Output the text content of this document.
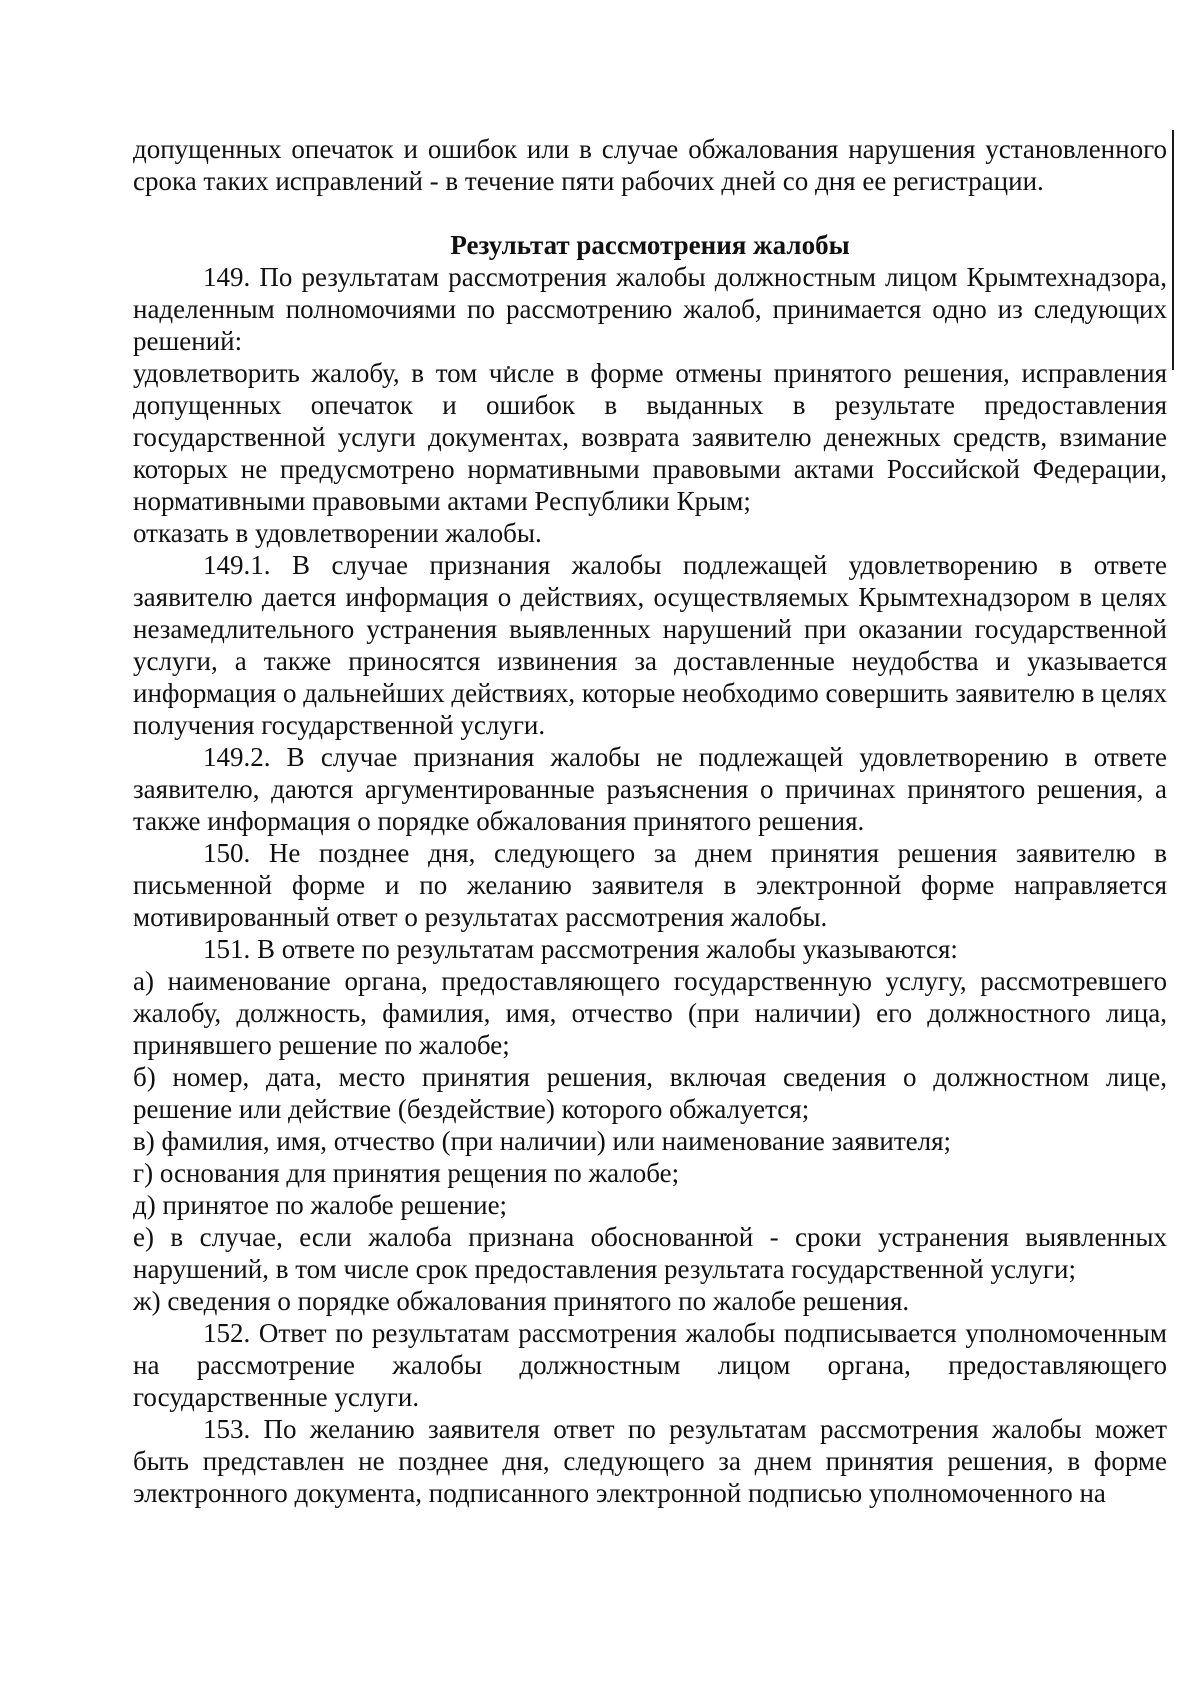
допущенных опечаток и ошибок или в случае обжалования нарушения установленного срока таких исправлений - в течение пяти рабочих дней со дня ее регистрации.

Результат рассмотрения жалобы

149. По результатам рассмотрения жалобы должностным лицом Крымтехнадзора, наделенным полномочиями по рассмотрению жалоб, принимается одно из следующих решений:

удовлетворить жалобу, в том числе в форме отмены принятого решения, исправления допущенных опечаток и ошибок в выданных в результате предоставления государственной услуги документах, возврата заявителю денежных средств, взимание которых не предусмотрено нормативными правовыми актами Российской Федерации, нормативными правовыми актами Республики Крым;

отказать в удовлетворении жалобы.

149.1. В случае признания жалобы подлежащей удовлетворению в ответе заявителю дается информация о действиях, осуществляемых Крымтехнадзором в целях незамедлительного устранения выявленных нарушений при оказании государственной услуги, а также приносятся извинения за доставленные неудобства и указывается информация о дальнейших действиях, которые необходимо совершить заявителю в целях получения государственной услуги.

149.2. В случае признания жалобы не подлежащей удовлетворению в ответе заявителю, даются аргументированные разъяснения о причинах принятого решения, а также информация о порядке обжалования принятого решения.

150. Не позднее дня, следующего за днем принятия решения заявителю в письменной форме и по желанию заявителя в электронной форме направляется мотивированный ответ о результатах рассмотрения жалобы.

151. В ответе по результатам рассмотрения жалобы указываются:

а) наименование органа, предоставляющего государственную услугу, рассмотревшего жалобу, должность, фамилия, имя, отчество (при наличии) его должностного лица, принявшего решение по жалобе;

б) номер, дата, место принятия решения, включая сведения о должностном лице, решение или действие (бездействие) которого обжалуется;

в) фамилия, имя, отчество (при наличии) или наименование заявителя;

г) основания для принятия рещения по жалобе;

д) принятое по жалобе решение;

е) в случае, если жалоба признана обоснованной - сроки устранения выявленных нарушений, в том числе срок предоставления результата государственной услуги;

ж) сведения о порядке обжалования принятого по жалобе решения.

152. Ответ по результатам рассмотрения жалобы подписывается уполномоченным на рассмотрение жалобы должностным лицом органа, предоставляющего государственные услуги.

153. По желанию заявителя ответ по результатам рассмотрения жалобы может быть представлен не позднее дня, следующего за днем принятия решения, в форме электронного документа, подписанного электронной подписью уполномоченного на
